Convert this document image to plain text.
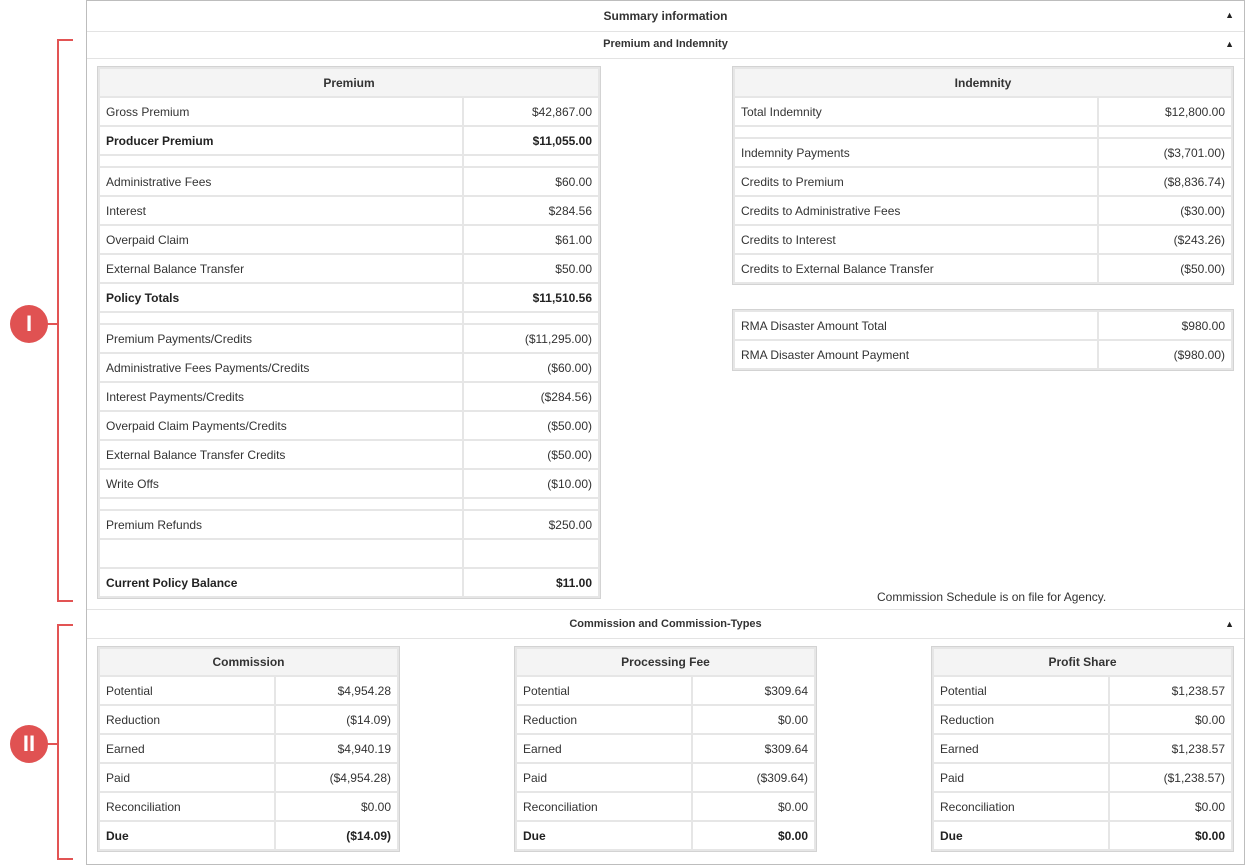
I
II
Summary information	▲
Premium and Indemnity	▲
Commission and Commission-Types	▲
Premium	
Gross Premium	$42,867.00
Producer Premium	$11,055.00

Administrative Fees	$60.00
Interest	$284.56
Overpaid Claim	$61.00
External Balance Transfer	$50.00
Policy Totals	$11,510.56

Premium Payments/Credits	($11,295.00)
Administrative Fees Payments/Credits	($60.00)
Interest Payments/Credits	($284.56)
Overpaid Claim Payments/Credits	($50.00)
External Balance Transfer Credits	($50.00)
Write Offs	($10.00)

Premium Refunds	$250.00

Current Policy Balance	$11.00
Indemnity	
Total Indemnity	$12,800.00

Indemnity Payments	($3,701.00)
Credits to Premium	($8,836.74)
Credits to Administrative Fees	($30.00)
Credits to Interest	($243.26)
Credits to External Balance Transfer	($50.00)
RMA Disaster Amount Total	$980.00
RMA Disaster Amount Payment	($980.00)
Commission Schedule is on file for Agency.
Commission	
Potential	$4,954.28
Reduction	($14.09)
Earned	$4,940.19
Paid	($4,954.28)
Reconciliation	$0.00
Due	($14.09)
Processing Fee	
Potential	$309.64
Reduction	$0.00
Earned	$309.64
Paid	($309.64)
Reconciliation	$0.00
Due	$0.00
Profit Share	
Potential	$1,238.57
Reduction	$0.00
Earned	$1,238.57
Paid	($1,238.57)
Reconciliation	$0.00
Due	$0.00
